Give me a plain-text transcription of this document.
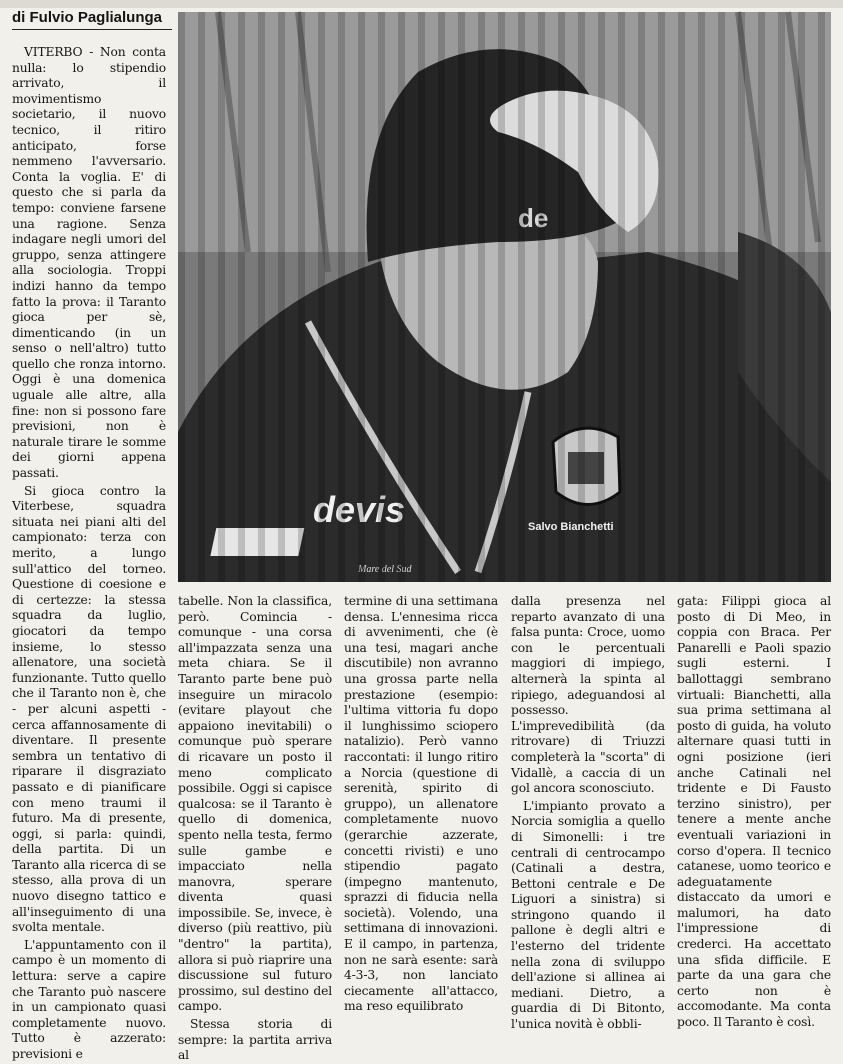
di Fulvio Paglialunga

VITERBO - Non conta nulla: lo stipendio arrivato, il movimentismo societario, il nuovo tecnico, il ritiro anticipato, forse nemmeno l'avversario. Conta la voglia. E' di questo che si parla da tempo: conviene farsene una ragione. Senza indagare negli umori del gruppo, senza attingere alla sociologia. Troppi indizi hanno da tempo fatto la prova: il Taranto gioca per sè, dimenticando (in un senso o nell'altro) tutto quello che ronza intorno. Oggi è una domenica uguale alle altre, alla fine: non si possono fare previsioni, non è naturale tirare le somme dei giorni appena passati.

Si gioca contro la Viterbese, squadra situata nei piani alti del campionato: terza con merito, a lungo sull'attico del torneo. Questione di coesione e di certezze: la stessa squadra da luglio, giocatori da tempo insieme, lo stesso allenatore, una società funzionante. Tutto quello che il Taranto non è, che - per alcuni aspetti - cerca affannosamente di diventare. Il presente sembra un tentativo di riparare il disgraziato passato e di pianificare con meno traumi il futuro. Ma di presente, oggi, si parla: quindi, della partita. Di un Taranto alla ricerca di se stesso, alla prova di un nuovo disegno tattico e all'inseguimento di una svolta mentale.

L'appuntamento con il campo è un momento di lettura: serve a capire che Taranto può nascere in un campionato quasi completamente nuovo. Tutto è azzerato: previsioni e

Salvo Bianchetti

tabelle. Non la classifica, però. Comincia - comunque - una corsa all'impazzata senza una meta chiara. Se il Taranto parte bene può inseguire un miracolo (evitare playout che appaiono inevitabili) o comunque può sperare di ricavare un posto il meno complicato possibile. Oggi si capisce qualcosa: se il Taranto è quello di domenica, spento nella testa, fermo sulle gambe e impacciato nella manovra, sperare diventa quasi impossibile. Se, invece, è diverso (più reattivo, più "dentro" la partita), allora si può riaprire una discussione sul futuro prossimo, sul destino del campo.

Stessa storia di sempre: la partita arriva al

termine di una settimana densa. L'ennesima ricca di avvenimenti, che (è una tesi, magari anche discutibile) non avranno una grossa parte nella prestazione (esempio: l'ultima vittoria fu dopo il lunghissimo sciopero natalizio). Però vanno raccontati: il lungo ritiro a Norcia (questione di serenità, spirito di gruppo), un allenatore completamente nuovo (gerarchie azzerate, concetti rivisti) e uno stipendio pagato (impegno mantenuto, sprazzi di fiducia nella società). Volendo, una settimana di innovazioni. E il campo, in partenza, non ne sarà esente: sarà 4-3-3, non lanciato ciecamente all'attacco, ma reso equilibrato

dalla presenza nel reparto avanzato di una falsa punta: Croce, uomo con le percentuali maggiori di impiego, alternerà la spinta al ripiego, adeguandosi al possesso. L'imprevedibilità (da ritrovare) di Triuzzi completerà la "scorta" di Vidallè, a caccia di un gol ancora sconosciuto.

L'impianto provato a Norcia somiglia a quello di Simonelli: i tre centrali di centrocampo (Catinali a destra, Bettoni centrale e De Liguori a sinistra) si stringono quando il pallone è degli altri e l'esterno del tridente nella zona di sviluppo dell'azione si allinea ai mediani. Dietro, a guardia di Di Bitonto, l'unica novità è obbli-

gata: Filippi gioca al posto di Di Meo, in coppia con Braca. Per Panarelli e Paoli spazio sugli esterni. I ballottaggi sembrano virtuali: Bianchetti, alla sua prima settimana al posto di guida, ha voluto alternare quasi tutti in ogni posizione (ieri anche Catinali nel tridente e Di Fausto terzino sinistro), per tenere a mente anche eventuali variazioni in corso d'opera. Il tecnico catanese, uomo teorico e adeguatamente distaccato da umori e malumori, ha dato l'impressione di crederci. Ha accettato una sfida difficile. E parte da una gara che certo non è accomodante. Ma conta poco. Il Taranto è così.
